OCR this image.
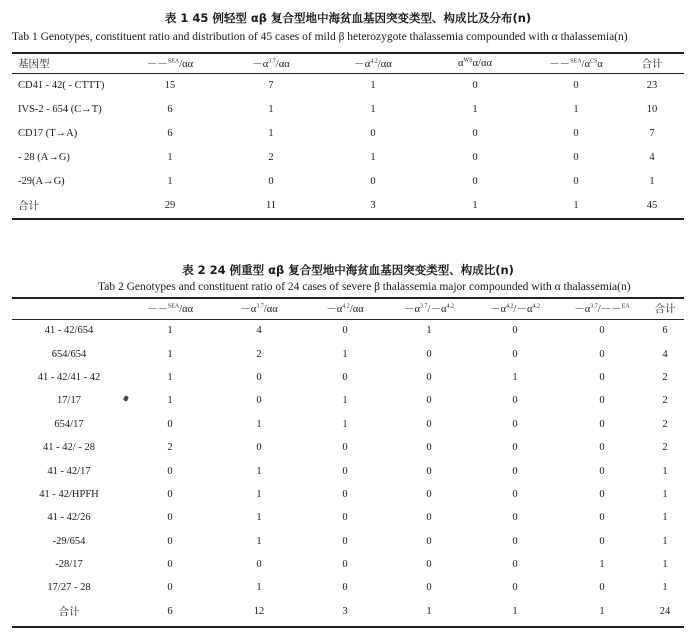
表 1 45 例轻型 αβ 复合型地中海贫血基因突变类型、构成比及分布(n)
Tab 1 Genotypes, constituent ratio and distribution of 45 cases of mild β heterozygote thalassemia compounded with α thalassemia(n)
基因型	－－$^{SEA}$/αα	$-\alpha^{3.7}/\alpha\alpha$	$-\alpha^{4.2}/\alpha\alpha$	$\alpha^{WS}\alpha/\alpha\alpha$	$--^{SEA}/\alpha^{CS}\alpha$	合计
CD41 - 42( - CTTT)	15	7	1	0	0	23
IVS-2 - 654 (C→T)	6	1	1	1	1	10
CD17 (T→A)	6	1	0	0	0	7
- 28 (A→G)	1	2	1	0	0	4
-29(A→G)	1	0	0	0	0	1
合计	29	11	3	1	1	45
表 2 24 例重型 αβ 复合型地中海贫血基因突变类型、构成比(n)
Tab 2 Genotypes and constituent ratio of 24 cases of severe β thalassemia major compounded with α thalassemia(n)
	－－$^{SEA}$/αα	$-\alpha^{3.7}/\alpha\alpha$	$-\alpha^{4.2}/\alpha\alpha$	$-\alpha^{3.7}/-\alpha^{4.2}$	$-\alpha^{4.2}/-\alpha^{4.2}$	$-\alpha^{3.7}/--^{EA}$	合计
41 - 42/654	1	4	0	1	0	0	6
654/654	1	2	1	0	0	0	4
41 - 42/41 - 42	1	0	0	0	1	0	2
17/17	1	0	1	0	0	0	2
654/17	0	1	1	0	0	0	2
41 - 42/ - 28	2	0	0	0	0	0	2
41 - 42/17	0	1	0	0	0	0	1
41 - 42/HPFH	0	1	0	0	0	0	1
41 - 42/26	0	1	0	0	0	0	1
-29/654	0	1	0	0	0	0	1
-28/17	0	0	0	0	0	1	1
17/27 - 28	0	1	0	0	0	0	1
合计	6	12	3	1	1	1	24
